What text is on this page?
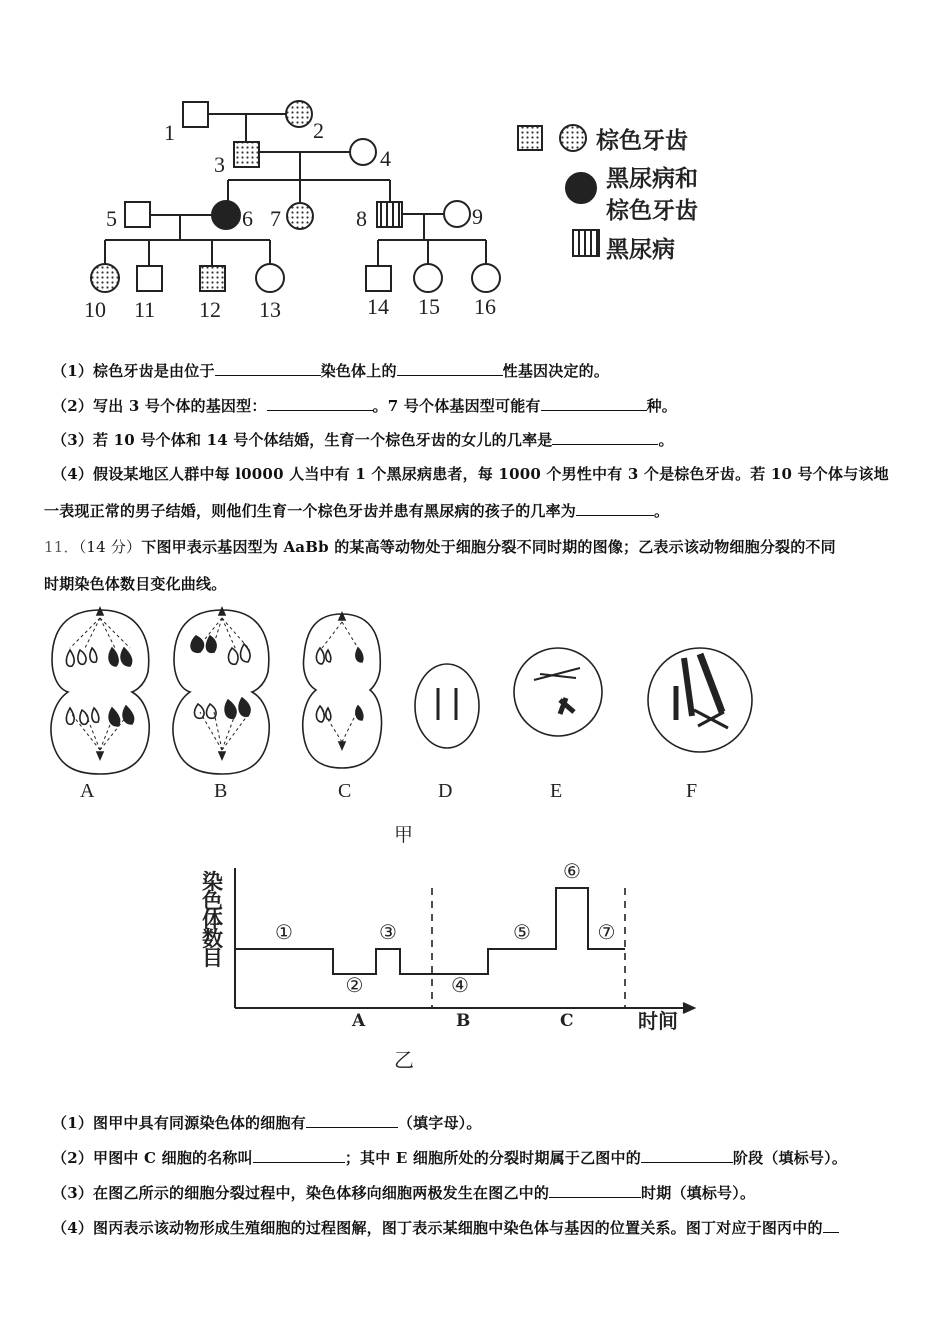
1	2
3	4
5	6 7	8	9
10 11 12 13	14 15 16
棕色牙齿
黑尿病和
棕色牙齿
黑尿病
（1）棕色牙齿是由位于	染色体上的	性基因决定的。
（2）写出 3 号个体的基因型：	。7 号个体基因型可能有	种。
（3）若 10 号个体和 14 号个体结婚，生育一个棕色牙齿的女儿的几率是	。
（4）假设某地区人群中每 l0000 人当中有 1 个黑尿病患者，每 1000 个男性中有 3 个是棕色牙齿。若 10 号个体与该地
一表现正常的男子结婚，则他们生育一个棕色牙齿并患有黑尿病的孩子的几率为	。
11．（14 分）下图甲表示基因型为 AaBb 的某高等动物处于细胞分裂不同时期的图像；乙表示该动物细胞分裂的不同
时期染色体数目变化曲线。
A	B	C	D	E	F
甲
①
②
③
④
⑤
⑥
⑦
A	B	C	时间
乙
染色体数目
（1）图甲中具有同源染色体的细胞有	（填字母）。
（2）甲图中 C 细胞的名称叫	；其中 E 细胞所处的分裂时期属于乙图中的	阶段（填标号）。
（3）在图乙所示的细胞分裂过程中，染色体移向细胞两极发生在图乙中的	时期（填标号）。
（4）图丙表示该动物形成生殖细胞的过程图解，图丁表示某细胞中染色体与基因的位置关系。图丁对应于图丙中的
